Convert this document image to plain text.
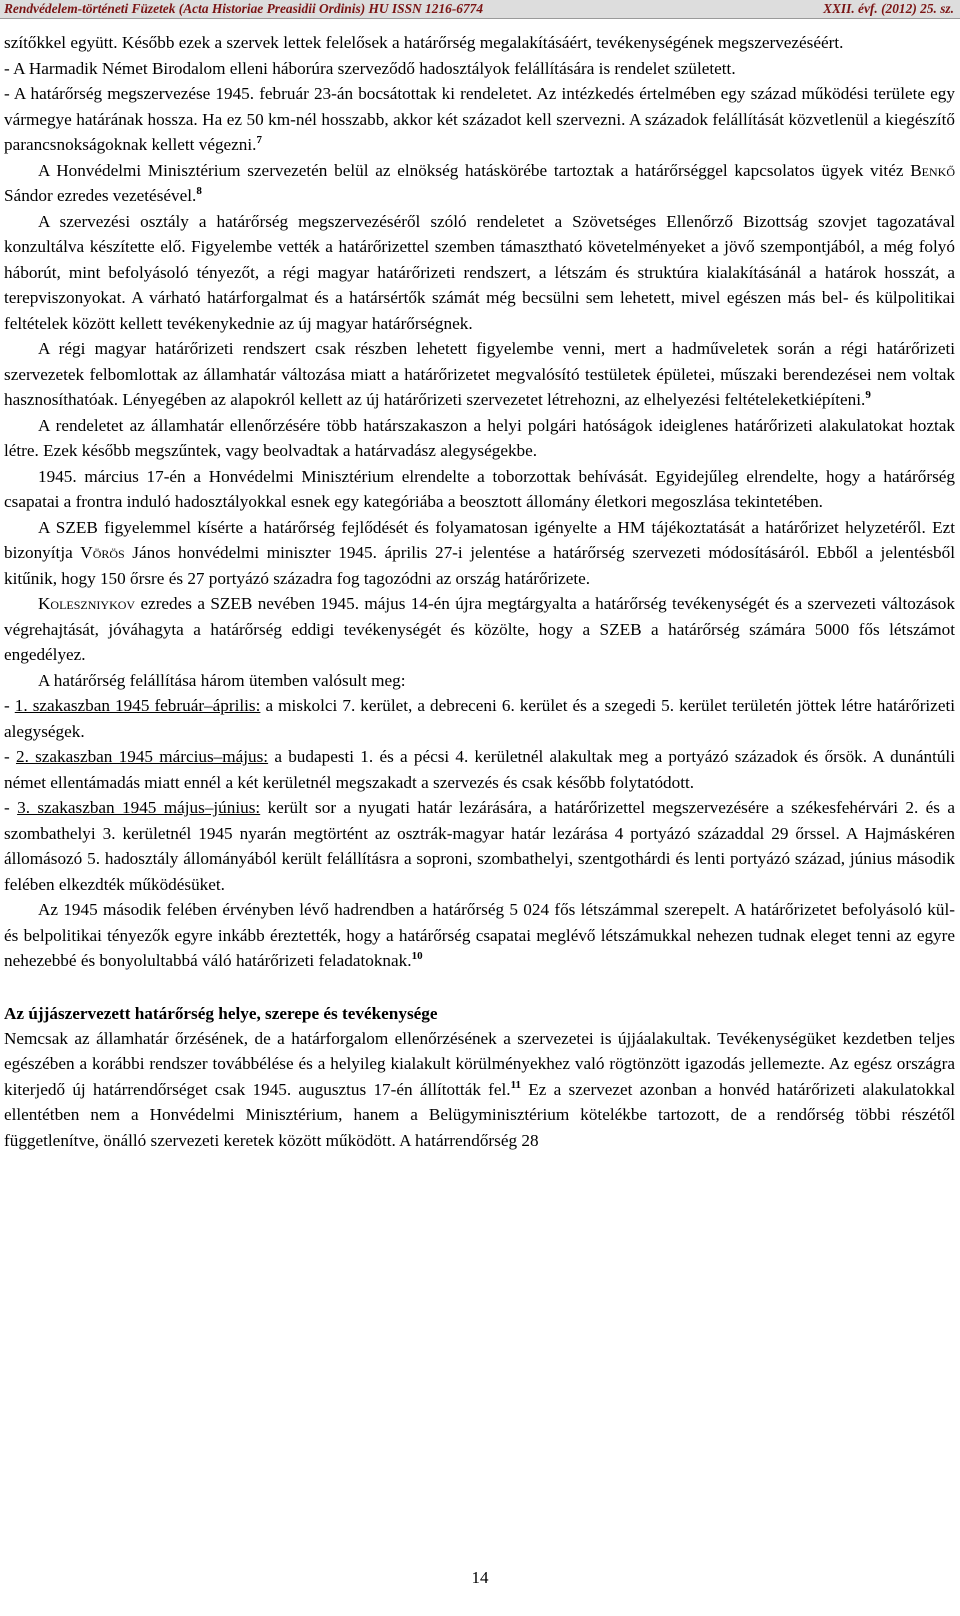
Rendvédelem-történeti Füzetek (Acta Historiae Preasidii Ordinis) HU ISSN 1216-6774	XXII. évf. (2012) 25. sz.

szítőkkel együtt. Később ezek a szervek lettek felelősek a határőrség megalakításáért, tevékenységének megszervezéséért.

- A Harmadik Német Birodalom elleni háborúra szerveződő hadosztályok felállítására is rendelet született.

- A határőrség megszervezése 1945. február 23-án bocsátottak ki rendeletet. Az intézkedés értelmében egy század működési területe egy vármegye határának hossza. Ha ez 50 km-nél hosszabb, akkor két századot kell szervezni. A századok felállítását közvetlenül a kiegészítő parancsnokságoknak kellett végezni.$^7$

A Honvédelmi Minisztérium szervezetén belül az elnökség hatáskörébe tartoztak a határőrséggel kapcsolatos ügyek vitéz Benkő Sándor ezredes vezetésével.$^8$

A szervezési osztály a határőrség megszervezéséről szóló rendeletet a Szövetséges Ellenőrző Bizottság szovjet tagozatával konzultálva készítette elő. Figyelembe vették a határőrizettel szemben támasztható követelményeket a jövő szempontjából, a még folyó háborút, mint befolyásoló tényezőt, a régi magyar határőrizeti rendszert, a létszám és struktúra kialakításánál a határok hosszát, a terepviszonyokat. A várható határforgalmat és a határsértők számát még becsülni sem lehetett, mivel egészen más bel- és külpolitikai feltételek között kellett tevékenykednie az új magyar határőrségnek.

A régi magyar határőrizeti rendszert csak részben lehetett figyelembe venni, mert a hadműveletek során a régi határőrizeti szervezetek felbomlottak az államhatár változása miatt a határőrizetet megvalósító testületek épületei, műszaki berendezései nem voltak hasznosíthatóak. Lényegében az alapokról kellett az új határőrizeti szervezetet létrehozni, az elhelyezési feltételeketkiépíteni.$^9$

A rendeletet az államhatár ellenőrzésére több határszakaszon a helyi polgári hatóságok ideiglenes határőrizeti alakulatokat hoztak létre. Ezek később megszűntek, vagy beolvadtak a határvadász alegységekbe.

1945. március 17-én a Honvédelmi Minisztérium elrendelte a toborzottak behívását. Egyidejűleg elrendelte, hogy a határőrség csapatai a frontra induló hadosztályokkal esnek egy kategóriába a beosztott állomány életkori megoszlása tekintetében.

A SZEB figyelemmel kísérte a határőrség fejlődését és folyamatosan igényelte a HM tájékoztatását a határőrizet helyzetéről. Ezt bizonyítja Vörös János honvédelmi miniszter 1945. április 27-i jelentése a határőrség szervezeti módosításáról. Ebből a jelentésből kitűnik, hogy 150 őrsre és 27 portyázó századra fog tagozódni az ország határőrizete.

Koleszniykov ezredes a SZEB nevében 1945. május 14-én újra megtárgyalta a határőrség tevékenységét és a szervezeti változások végrehajtását, jóváhagyta a határőrség eddigi tevékenységét és közölte, hogy a SZEB a határőrség számára 5000 fős létszámot engedélyez.

A határőrség felállítása három ütemben valósult meg:

- 1. szakaszban 1945 február–április: a miskolci 7. kerület, a debreceni 6. kerület és a szegedi 5. kerület területén jöttek létre határőrizeti alegységek.

- 2. szakaszban 1945 március–május: a budapesti 1. és a pécsi 4. kerületnél alakultak meg a portyázó századok és őrsök. A dunántúli német ellentámadás miatt ennél a két kerületnél megszakadt a szervezés és csak később folytatódott.

- 3. szakaszban 1945 május–június: került sor a nyugati határ lezárására, a határőrizettel megszervezésére a székesfehérvári 2. és a szombathelyi 3. kerületnél 1945 nyarán megtörtént az osztrák-magyar határ lezárása 4 portyázó századdal 29 őrssel. A Hajmáskéren állomásozó 5. hadosztály állományából került felállításra a soproni, szombathelyi, szentgothárdi és lenti portyázó század, június második felében elkezdték működésüket.

Az 1945 második felében érvényben lévő hadrendben a határőrség 5 024 fős létszámmal szerepelt. A határőrizetet befolyásoló kül- és belpolitikai tényezők egyre inkább éreztették, hogy a határőrség csapatai meglévő létszámukkal nehezen tudnak eleget tenni az egyre nehezebbé és bonyolultabbá váló határőrizeti feladatoknak.$^{10}$

Az újjászervezett határőrség helye, szerepe és tevékenysége

Nemcsak az államhatár őrzésének, de a határforgalom ellenőrzésének a szervezetei is újjáalakultak. Tevékenységüket kezdetben teljes egészében a korábbi rendszer továbbélése és a helyileg kialakult körülményekhez való rögtönzött igazodás jellemezte. Az egész országra kiterjedő új határrendőrséget csak 1945. augusztus 17-én állították fel.$^{11}$ Ez a szervezet azonban a honvéd határőrizeti alakulatokkal ellentétben nem a Honvédelmi Minisztérium, hanem a Belügyminisztérium kötelékbe tartozott, de a rendőrség többi részétől függetlenítve, önálló szervezeti keretek között működött. A határrendőrség 28

14
